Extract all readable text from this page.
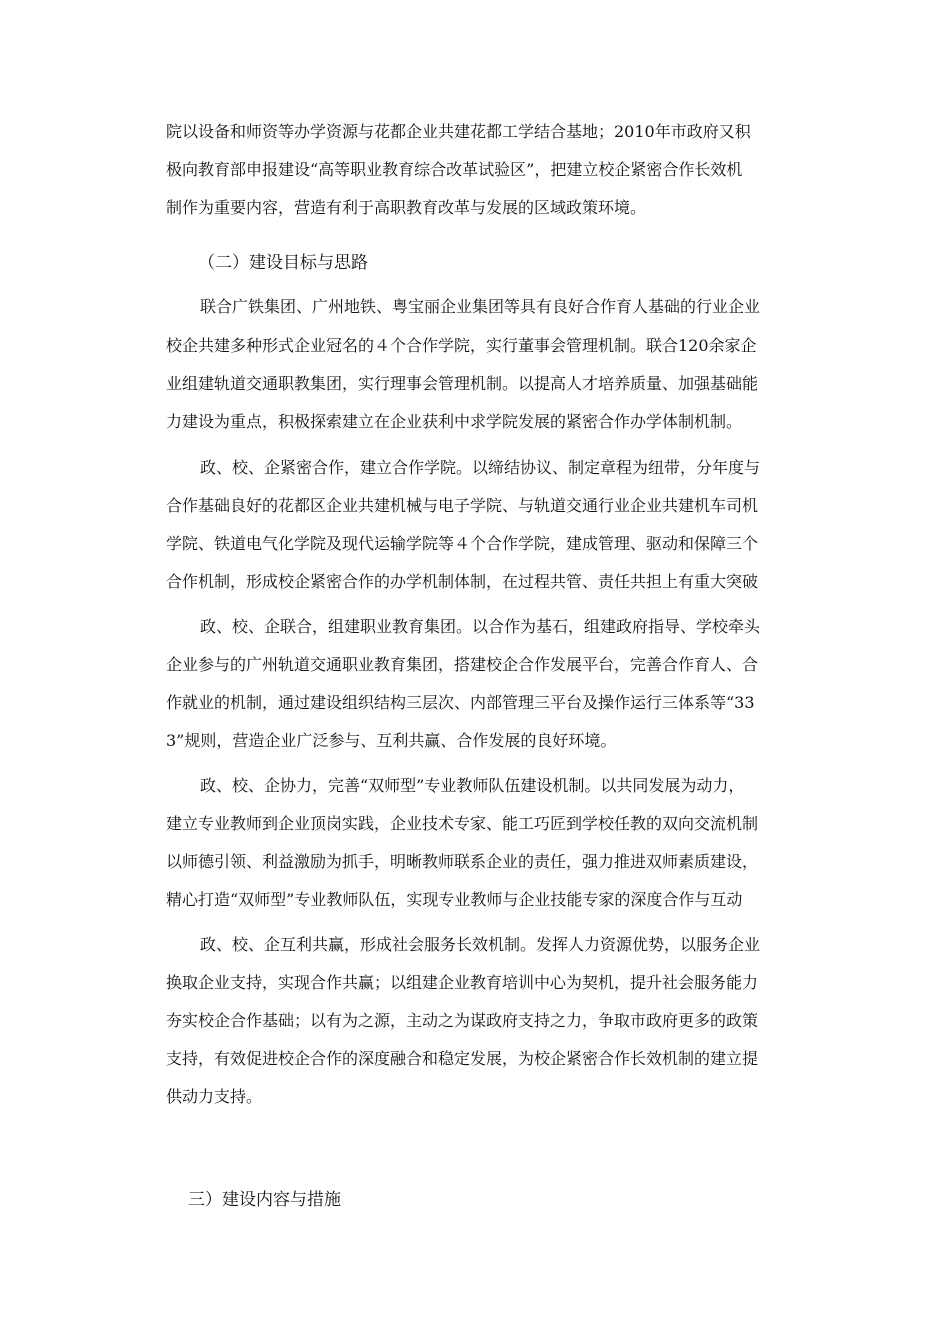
院以设备和师资等办学资源与花都企业共建花都工学结合基地；2010年市政府又积
极向教育部申报建设“高等职业教育综合改革试验区”，把建立校企紧密合作长效机
制作为重要内容，营造有利于高职教育改革与发展的区域政策环境。
（二）建设目标与思路
联合广铁集团、广州地铁、粤宝丽企业集团等具有良好合作育人基础的行业企业
校企共建多种形式企业冠名的４个合作学院，实行董事会管理机制。联合120余家企
业组建轨道交通职教集团，实行理事会管理机制。以提高人才培养质量、加强基础能
力建设为重点，积极探索建立在企业获利中求学院发展的紧密合作办学体制机制。
政、校、企紧密合作，建立合作学院。以缔结协议、制定章程为纽带，分年度与
合作基础良好的花都区企业共建机械与电子学院、与轨道交通行业企业共建机车司机
学院、铁道电气化学院及现代运输学院等４个合作学院，建成管理、驱动和保障三个
合作机制，形成校企紧密合作的办学机制体制，在过程共管、责任共担上有重大突破
政、校、企联合，组建职业教育集团。以合作为基石，组建政府指导、学校牵头
企业参与的广州轨道交通职业教育集团，搭建校企合作发展平台，完善合作育人、合
作就业的机制，通过建设组织结构三层次、内部管理三平台及操作运行三体系等“33
3”规则，营造企业广泛参与、互利共赢、合作发展的良好环境。
政、校、企协力，完善“双师型”专业教师队伍建设机制。以共同发展为动力，
建立专业教师到企业顶岗实践，企业技术专家、能工巧匠到学校任教的双向交流机制
以师德引领、利益激励为抓手，明晰教师联系企业的责任，强力推进双师素质建设，
精心打造“双师型”专业教师队伍，实现专业教师与企业技能专家的深度合作与互动
政、校、企互利共赢，形成社会服务长效机制。发挥人力资源优势，以服务企业
换取企业支持，实现合作共赢；以组建企业教育培训中心为契机，提升社会服务能力
夯实校企合作基础；以有为之源，主动之为谋政府支持之力，争取市政府更多的政策
支持，有效促进校企合作的深度融合和稳定发展，为校企紧密合作长效机制的建立提
供动力支持。
三）建设内容与措施
